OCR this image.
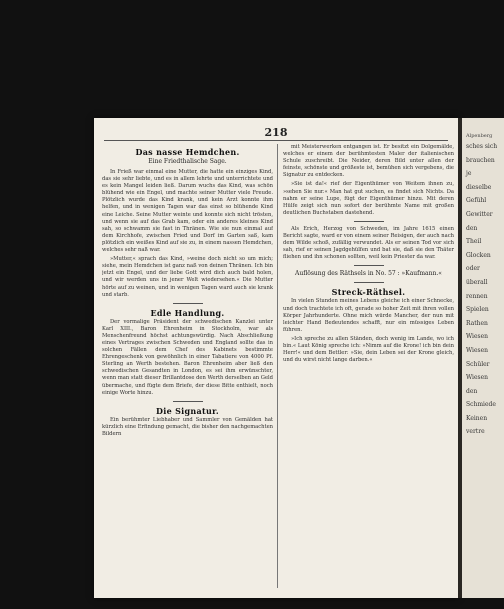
218
Das nasse Hemdchen.
Eine Friedthalische Sage.

In Frieß war einmal eine Mutter, die hatte ein einziges Kind, das sie sehr liebte, und es in allem lehrte und unterrichtete und es kein Mangel leiden ließ. Darum wuchs das Kind, was schön blühend wie ein Engel, und machte seiner Mutter viele Freude. Plötzlich wurde das Kind krank, und kein Arzt konnte ihm helfen, und in wenigen Tagen war das einst so blühende Kind eine Leiche. Seine Mutter weinte und konnte sich nicht trösten, und wenn sie auf das Grab kam, oder ein anderes kleines Kind sah, so schwamm sie fast in Thränen. Wie sie nun einmal auf dem Kirchhofe, zwischen Fried und Dorf im Garten saß, kam plötzlich ein weißes Kind auf sie zu, in einem nassen Hemdchen, welches sehr naß war.

»Mutter,« sprach das Kind, »weine doch nicht so um mich; siehe, mein Hemdchen ist ganz naß von deinen Thränen. Ich bin jetzt ein Engel, und der liebe Gott wird dich auch bald holen, und wir werden uns in jener Welt wiedersehen.« Die Mutter hörte auf zu weinen, und in wenigen Tagen ward auch sie krank und starb.

Edle Handlung.

Der vormalige Präsident der schwedischen Kanzlei unter Karl XIII., Baron Ehrenheim in Stockholm, war als Menschenfreund höchst achtungswürdig. Nach Abschließung eines Vertrages zwischen Schweden und England sollte das in solchen Fällen dem Chef des Kabinets bestimmte Ehrengeschenk von gewöhnlich in einer Tabatiere von 4000 Pf. Sterling an Werth bestehen. Baron Ehrenheim aber ließ den schwedischen Gesandten in London, es sei ihm erwünschter, wenn man statt dieser Brillantdose den Werth derselben an Geld übermache, und fügte dem Briefe, der diese Bitte enthielt, noch einige Worte hinzu.

Die Signatur.

Ein berühmter Liebhaber und Sammler von Gemälden hat kürzlich eine Erfindung gemacht, die bisher den nachgemachten Bildern

mit Meisterwerken entgangen ist. Er besitzt ein Dolgemälde, welches er einem der berühmtesten Maler der italienischen Schule zuschreibt. Die Neider, deren Bild unter allen der feinste, schönste und größeste ist, bemühen sich vergebens, die Signatur zu entdecken.

»Sie ist da!« rief der Eigenthümer von Weitem ihnen zu, »sehen Sie nur.« Man hat gut suchen, es findet sich Nichts. Da nahm er seine Lupe, fügt der Eigenthümer hinzu. Mit deren Hülfe zeigt sich nun sofort der berühmte Name mit großen deutlichen Buchstaben dastehend.

Als Erich, Herzog von Schweden, im Jahre 1615 einen Bericht sagte, ward er von einem seiner Reisigen, der auch nach dem Wilde schoß, zufällig verwundet. Als er seinen Tod vor sich sah, rief er seinen Jagdgehülfen und bat sie, daß sie den Thäter fliehen und ihn schonen sollten, weil kein Priester da war.

Auflösung des Räthsels in No. 57 : »Kaufmann.«
Streck-Räthsel.

In vielen Stunden meines Lebens gleiche ich einer Schnecke, und doch trachtete ich oft, gerade so hoher Zeit mit ihren vollen Körper Jahrhunderte. Ohne mich würde Mancher, der nun mit leichter Hand Bedeutendes schafft, nur ein müssiges Leben führen.

»Ich spreche zu allen Ständen, doch wenig im Lande, wo ich bin.« Laut König spreche ich: »Nimm auf die Krone! ich bin dein Herr!« und dem Bettler: »Sie, dein Leben sei der Krone gleich, und du wirst nicht lange darben.«

Alpenberg
sches sich
brauchen
je
dieselbe
Gefühl
Gewitter
den
Theil
Glocken
oder
überall
rennen
Spielen
Rathen
Wiesen
Wiesen
Schüler
Wiesen
den
Schmiede
Keinen
vertre
